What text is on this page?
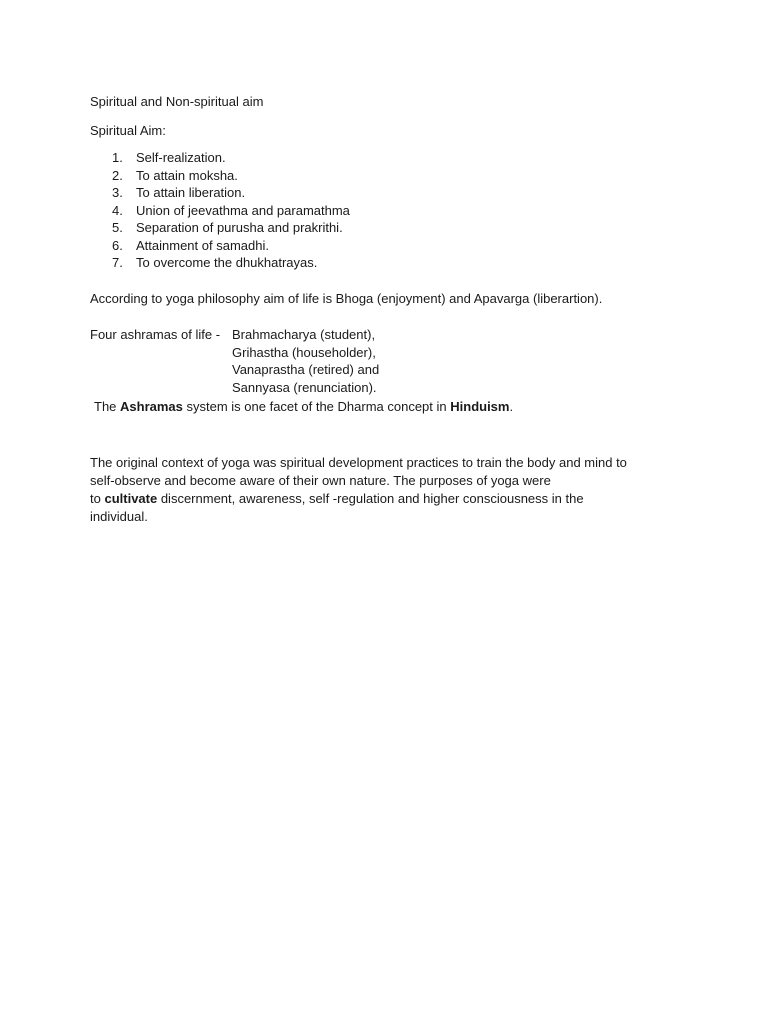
Spiritual and Non-spiritual aim
Spiritual Aim:
1. Self-realization.
2. To attain moksha.
3. To attain liberation.
4. Union of jeevathma and paramathma
5. Separation of purusha and prakrithi.
6. Attainment of samadhi.
7. To overcome the dhukhatrayas.
According to yoga philosophy aim of life is Bhoga (enjoyment) and Apavarga (liberartion).
Four ashramas of life - Brahmacharya (student),
Grihastha (householder),
Vanaprastha (retired) and
Sannyasa (renunciation).
The Ashramas system is one facet of the Dharma concept in Hinduism.
The original context of yoga was spiritual development practices to train the body and mind to
self-observe and become aware of their own nature. The purposes of yoga were
to cultivate discernment, awareness, self -regulation and higher consciousness in the
individual.
